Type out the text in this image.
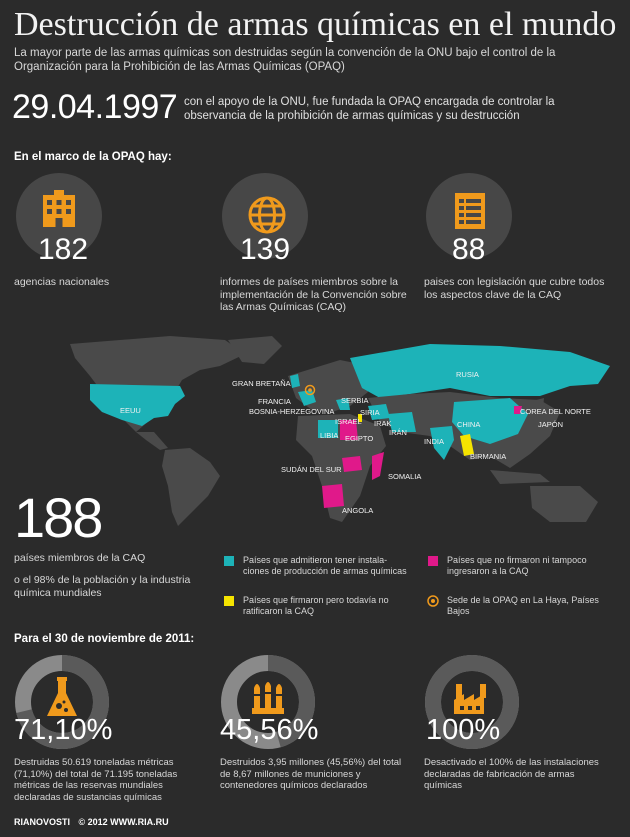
Destrucción de armas químicas en el mundo
La mayor parte de las armas químicas son destruidas según la convención de la ONU bajo el control de la Organización para la Prohibición de las Armas Químicas (OPAQ)
29.04.1997 con el apoyo de la ONU, fue fundada la OPAQ encargada de controlar la observancia de la prohibición de armas químicas y su destrucción
En el marco de la OPAQ hay:
182
agencias nacionales
139
informes de países miembros sobre la implementación de la Convención sobre las Armas Químicas (CAQ)
88
paises con legislación que cubre todos los aspectos clave de la CAQ
RUSIA
EEUU
GRAN BRETAÑA
FRANCIA
BOSNIA-HERZEGOVINA
SERBIA
SIRIA
ISRAEL IRAK
LIBIA EGIPTO
IRÁN
INDIA
CHINA
COREA DEL NORTE
JAPÓN
BIRMANIA
SUDÁN DEL SUR
SOMALIA
ANGOLA
188
países miembros de la CAQ
o el 98% de la población y la industria química mundiales
Países que admitieron tener instala-ciones de producción de armas químicas
Países que no firmaron ni tampoco ingresaron a la CAQ
Países que firmaron pero todavía no ratificaron la CAQ
Sede de la OPAQ en La Haya, Países Bajos
Para el 30 de noviembre de 2011:
71,10%
Destruidas 50.619 toneladas métricas (71,10%) del total de 71.195 toneladas métricas de las reservas mundiales declaradas de sustancias químicas
45,56%
Destruidos 3,95 millones (45,56%) del total de 8,67 millones de municiones y contenedores químicos declarados
100%
Desactivado el 100% de las instalaciones declaradas de fabricación de armas químicas
RIANOVOSTI © 2012 WWW.RIA.RU
